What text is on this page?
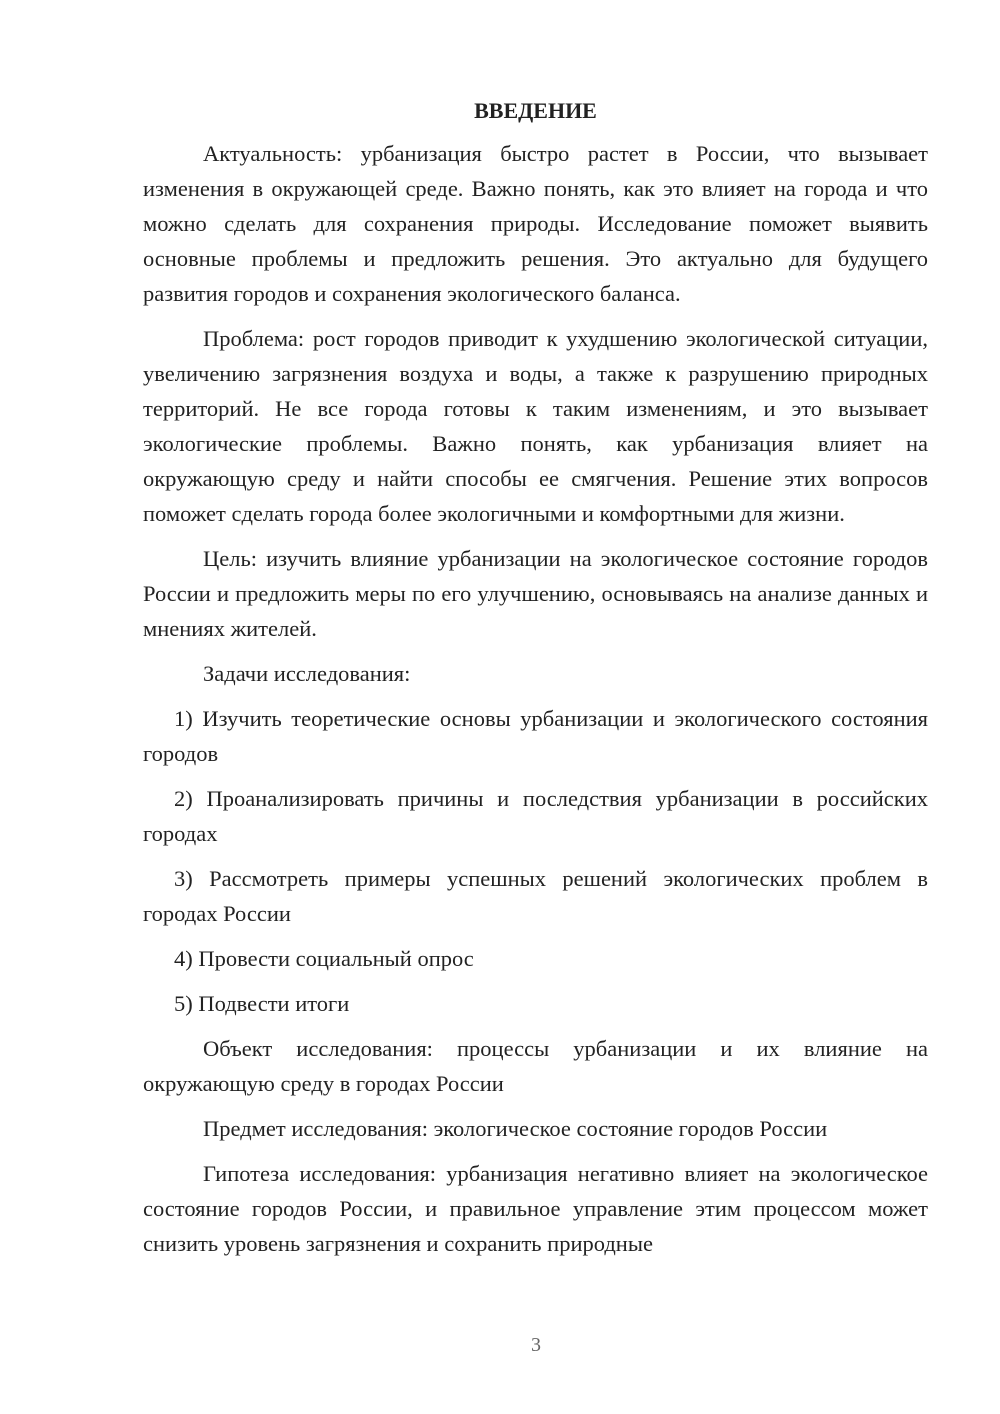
ВВЕДЕНИЕ

Актуальность: урбанизация быстро растет в России, что вызывает изменения в окружающей среде. Важно понять, как это влияет на города и что можно сделать для сохранения природы. Исследование поможет выявить основные проблемы и предложить решения. Это актуально для будущего развития городов и сохранения экологического баланса.

Проблема: рост городов приводит к ухудшению экологической ситуации, увеличению загрязнения воздуха и воды, а также к разрушению природных территорий. Не все города готовы к таким изменениям, и это вызывает экологические проблемы. Важно понять, как урбанизация влияет на окружающую среду и найти способы ее смягчения. Решение этих вопросов поможет сделать города более экологичными и комфортными для жизни.

Цель: изучить влияние урбанизации на экологическое состояние городов России и предложить меры по его улучшению, основываясь на анализе данных и мнениях жителей.

Задачи исследования:

1) Изучить теоретические основы урбанизации и экологического состояния городов

2) Проанализировать причины и последствия урбанизации в российских городах

3) Рассмотреть примеры успешных решений экологических проблем в городах России

4) Провести социальный опрос

5) Подвести итоги

Объект исследования: процессы урбанизации и их влияние на окружающую среду в городах России

Предмет исследования: экологическое состояние городов России

Гипотеза исследования: урбанизация негативно влияет на экологическое состояние городов России, и правильное управление этим процессом может снизить уровень загрязнения и сохранить природные

3
